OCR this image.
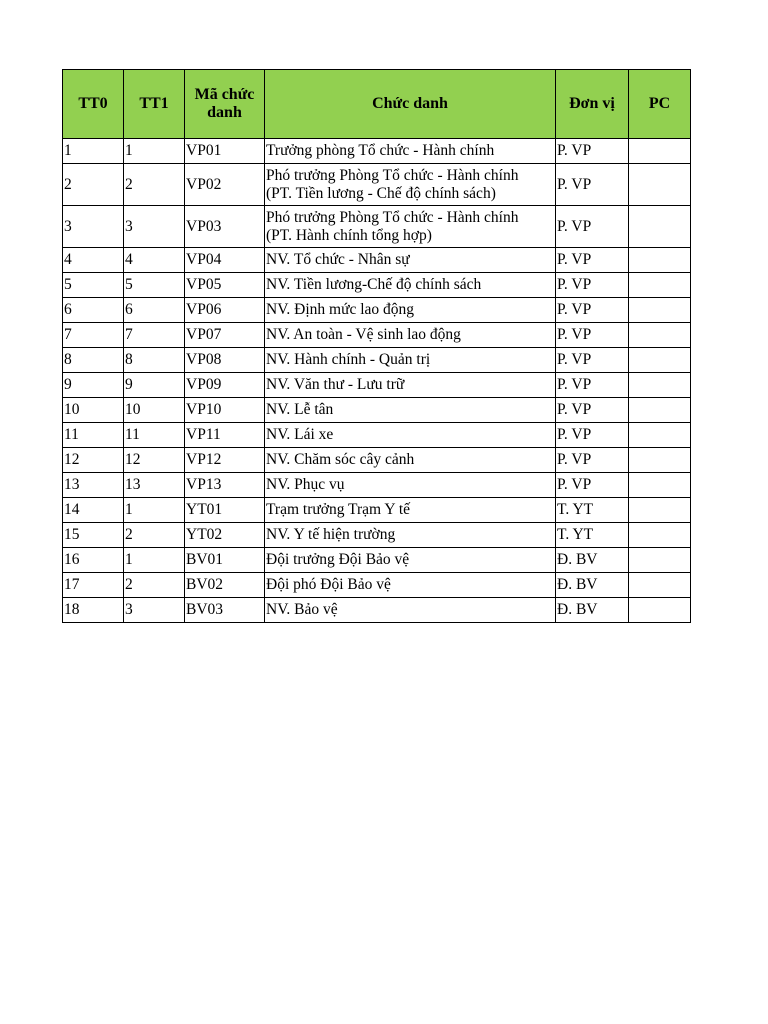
TT0	TT1	Mã chức danh	Chức danh	Đơn vị	PC
1	1	VP01	Trưởng phòng Tổ chức - Hành chính	P. VP	
2	2	VP02	Phó trưởng Phòng Tổ chức - Hành chính
(PT. Tiền lương - Chế độ chính sách)	P. VP	
3	3	VP03	Phó trưởng Phòng Tổ chức - Hành chính
(PT. Hành chính tổng hợp)	P. VP	
4	4	VP04	NV. Tổ chức - Nhân sự	P. VP	
5	5	VP05	NV. Tiền lương-Chế độ chính sách	P. VP	
6	6	VP06	NV. Định mức lao động	P. VP	
7	7	VP07	NV. An toàn - Vệ sinh lao động	P. VP	
8	8	VP08	NV. Hành chính - Quản trị	P. VP	
9	9	VP09	NV. Văn thư - Lưu trữ	P. VP	
10	10	VP10	NV. Lễ tân	P. VP	
11	11	VP11	NV. Lái xe	P. VP	
12	12	VP12	NV. Chăm sóc cây cảnh	P. VP	
13	13	VP13	NV. Phục vụ	P. VP	
14	1	YT01	Trạm trưởng Trạm Y tế	T. YT	
15	2	YT02	NV. Y tế hiện trường	T. YT	
16	1	BV01	Đội trưởng Đội Bảo vệ	Đ. BV	
17	2	BV02	Đội phó Đội Bảo vệ	Đ. BV	
18	3	BV03	NV. Bảo vệ	Đ. BV	
